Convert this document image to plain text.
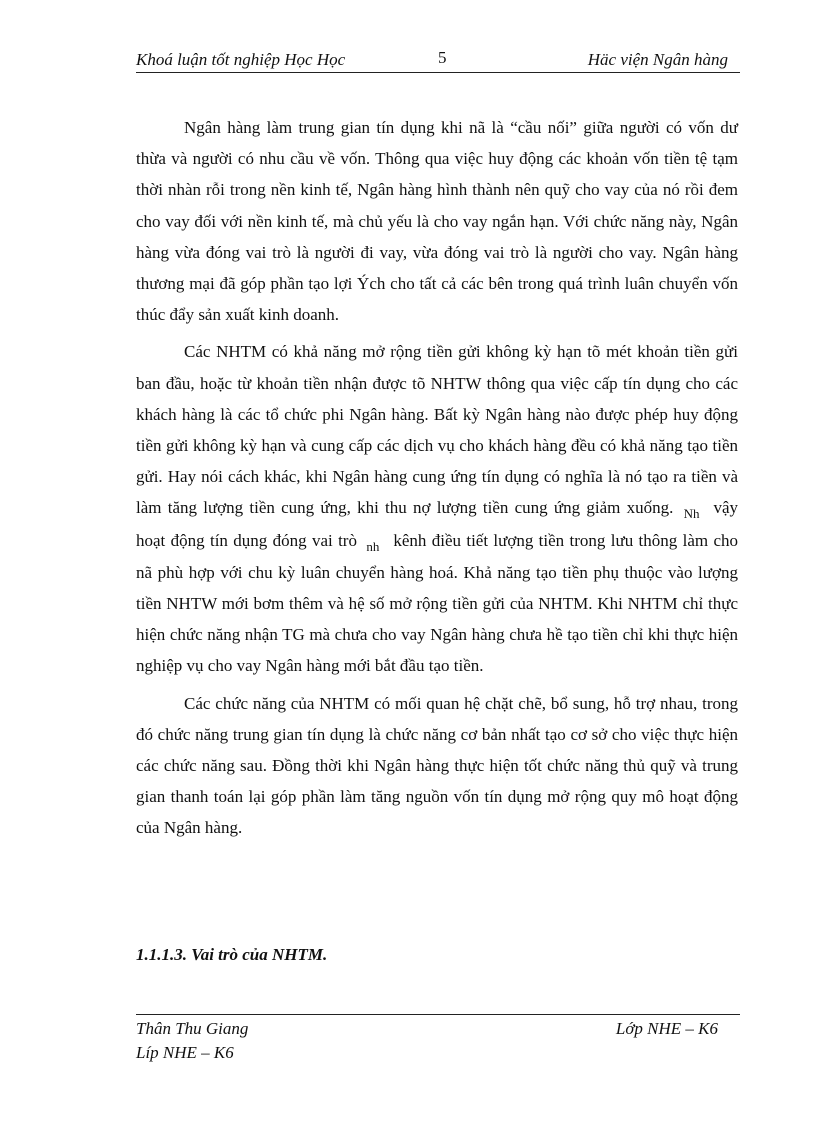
Khoá luận tốt nghiệp Học Học	5	Häc viện Ngân hàng

Ngân hàng làm trung gian tín dụng khi nã là “cầu nối” giữa người có vốn dư thừa và người có nhu cầu về vốn. Thông qua việc huy động các khoản vốn tiền tệ tạm thời nhàn rỗi trong nền kinh tế, Ngân hàng hình thành nên quỹ cho vay của nó rồi đem cho vay đối với nền kinh tế, mà chủ yếu là cho vay ngắn hạn. Với chức năng này, Ngân hàng vừa đóng vai trò là người đi vay, vừa đóng vai trò là người cho vay. Ngân hàng thương mại đã góp phần tạo lợi Ých cho tất cả các bên trong quá trình luân chuyển vốn thúc đẩy sản xuất kinh doanh.

Các NHTM có khả năng mở rộng tiền gửi không kỳ hạn tõ mét khoản tiền gửi ban đầu, hoặc từ khoản tiền nhận được tõ NHTW thông qua việc cấp tín dụng cho các khách hàng là các tổ chức phi Ngân hàng. Bất kỳ Ngân hàng nào được phép huy động tiền gửi không kỳ hạn và cung cấp các dịch vụ cho khách hàng đều có khả năng tạo tiền gửi. Hay nói cách khác, khi Ngân hàng cung ứng tín dụng có nghĩa là nó tạo ra tiền và làm tăng lượng tiền cung ứng, khi thu nợ lượng tiền cung ứng giảm xuống. $_{Nh}$ vậy hoạt động tín dụng đóng vai trò $_{nh}$ kênh điều tiết lượng tiền trong lưu thông làm cho nã phù hợp với chu kỳ luân chuyển hàng hoá. Khả năng tạo tiền phụ thuộc vào lượng tiền NHTW mới bơm thêm và hệ số mở rộng tiền gửi của NHTM. Khi NHTM chỉ thực hiện chức năng nhận TG mà chưa cho vay Ngân hàng chưa hề tạo tiền chỉ khi thực hiện nghiệp vụ cho vay Ngân hàng mới bắt đầu tạo tiền.

Các chức năng của NHTM có mối quan hệ chặt chẽ, bổ sung, hỗ trợ nhau, trong đó chức năng trung gian tín dụng là chức năng cơ bản nhất tạo cơ sở cho việc thực hiện các chức năng sau. Đồng thời khi Ngân hàng thực hiện tốt chức năng thủ quỹ và trung gian thanh toán lại góp phần làm tăng nguồn vốn tín dụng mở rộng quy mô hoạt động của Ngân hàng.

1.1.1.3. Vai trò của NHTM.
Thân Thu Giang	Lớp NHE – K6
Líp NHE – K6
